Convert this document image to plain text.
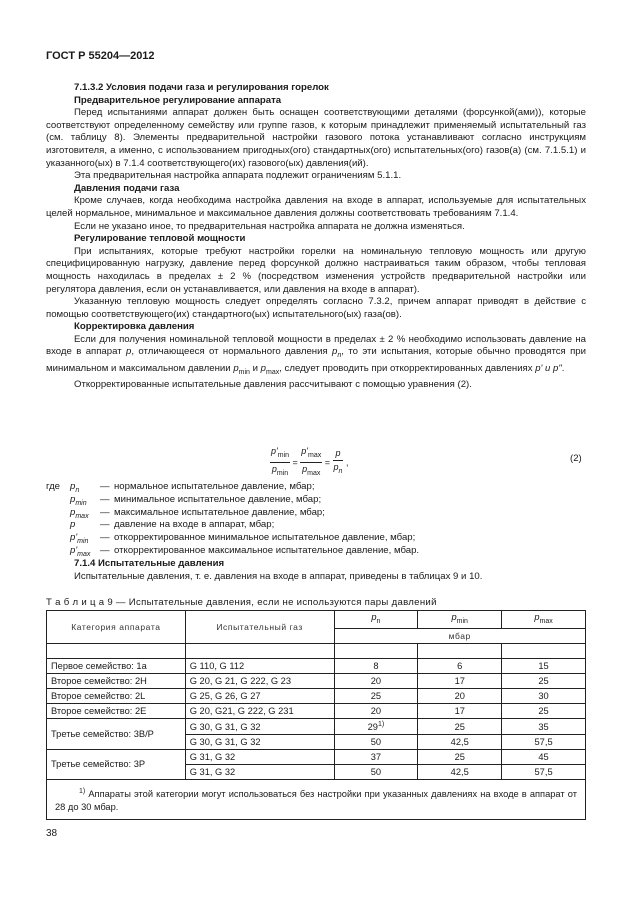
ГОСТ Р 55204—2012

7.1.3.2 Условия подачи газа и регулирования горелок

Предварительное регулирование аппарата

Перед испытаниями аппарат должен быть оснащен соответствующими деталями (форсункой(ами)), которые соответствуют определенному семейству или группе газов, к которым принадлежит применяемый испытательный газ (см. таблицу 8). Элементы предварительной настройки газового потока устанавливают согласно инструкциям изготовителя, а именно, с использованием пригодных(ого) стандартных(ого) испытательных(ого) газов(а) (см. 7.1.5.1) и указанного(ых) в 7.1.4 соответствующего(их) газового(ых) давления(ий).

Эта предварительная настройка аппарата подлежит ограничениям 5.1.1.

Давления подачи газа

Кроме случаев, когда необходима настройка давления на входе в аппарат, используемые для испытательных целей нормальное, минимальное и максимальное давления должны соответствовать требованиям 7.1.4.

Если не указано иное, то предварительная настройка аппарата не должна изменяться.

Регулирование тепловой мощности

При испытаниях, которые требуют настройки горелки на номинальную тепловую мощность или другую специфицированную нагрузку, давление перед форсункой должно настраиваться таким образом, чтобы тепловая мощность находилась в пределах ± 2 % (посредством изменения устройств предварительной настройки или регулятора давления, если он устанавливается, или давления на входе в аппарат).

Указанную тепловую мощность следует определять согласно 7.3.2, причем аппарат приводят в действие с помощью соответствующего(их) стандартного(ых) испытательного(ых) газа(ов).

Корректировка давления

Если для получения номинальной тепловой мощности в пределах ± 2 % необходимо использовать давление на входе в аппарат p, отличающееся от нормального давления $p_n$, то эти испытания, которые обычно проводятся при минимальном и максимальном давлении $p_{min}$ и $p_{max}$, следует проводить при откорректированных давлениях p' и p".

Откорректированные испытательные давления рассчитывают с помощью уравнения (2).

$\frac{p'_{min}}{p_{min}} = \frac{p'_{max}}{p_{max}} = \frac{p}{p_n}$ ,	(2)
где	$p_n$	— нормальное испытательное давление, мбар;
$p_{min}$	— минимальное испытательное давление, мбар;
$p_{max}$	— максимальное испытательное давление, мбар;
p	— давление на входе в аппарат, мбар;
$p'_{min}$	— откорректированное минимальное испытательное давление, мбар;
$p'_{max}$ — откорректированное максимальное испытательное давление, мбар.

7.1.4 Испытательные давления

Испытательные давления, т. е. давления на входе в аппарат, приведены в таблицах 9 и 10.

Т а б л и ц а 9 — Испытательные давления, если не используются пары давлений
Категория аппарата	Испытательный газ	$p_n$	$p_{min}$	$p_{max}$
		мбар		

Первое семейство: 1a	G 110, G 112	8	6	15
Второе семейство: 2H	G 20, G 21, G 222, G 23	20	17	25
Второе семейство: 2L	G 25, G 26, G 27	25	20	30
Второе семейство: 2E	G 20, G21, G 222, G 231	20	17	25
Третье семейство: 3B/P	G 30, G 31, G 32	29$^{1)}$	25	35
	G 30, G 31, G 32	50	42,5	57,5
Третье семейство: 3P	G 31, G 32	37	25	45
	G 31, G 32	50	42,5	57,5
$^{1)}$ Аппараты этой категории могут использоваться без настройки при указанных давлениях на входе в аппарат от 28 до 30 мбар.				
38
